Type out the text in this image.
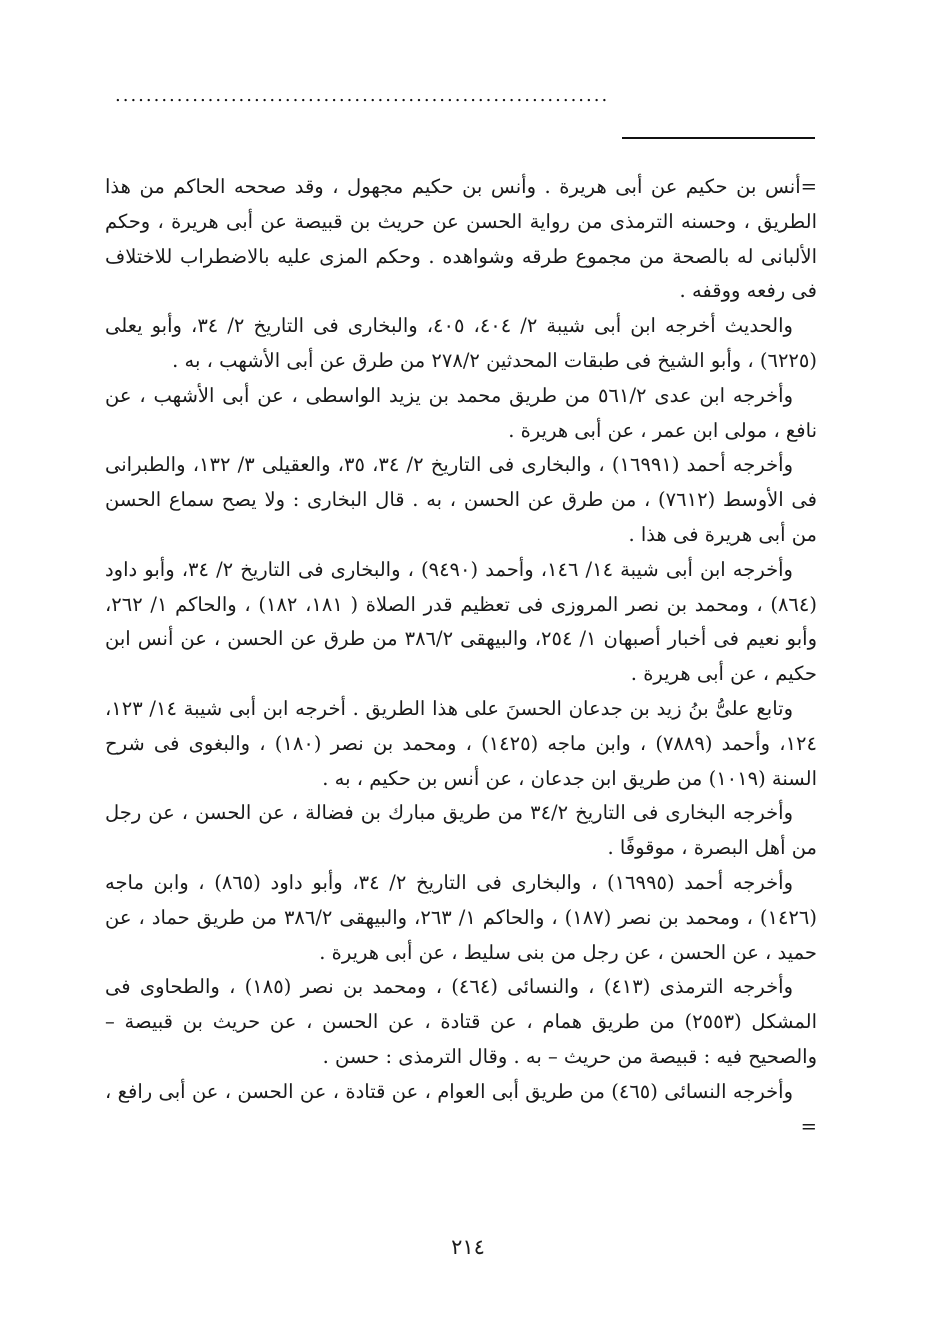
................................................................

=أنس بن حكيم عن أبى هريرة . وأنس بن حكيم مجهول ، وقد صححه الحاكم من هذا الطريق ، وحسنه الترمذى من رواية الحسن عن حريث بن قبيصة عن أبى هريرة ، وحكم الألبانى له بالصحة من مجموع طرقه وشواهده . وحكم المزى عليه بالاضطراب للاختلاف فى رفعه ووقفه .

والحديث أخرجه ابن أبى شيبة ٢/ ٤٠٤، ٤٠٥، والبخارى فى التاريخ ٢/ ٣٤، وأبو يعلى (٦٢٢٥) ، وأبو الشيخ فى طبقات المحدثين ٢٧٨/٢ من طرق عن أبى الأشهب ، به .

وأخرجه ابن عدى ٥٦١/٢ من طريق محمد بن يزيد الواسطى ، عن أبى الأشهب ، عن نافع ، مولى ابن عمر ، عن أبى هريرة .

وأخرجه أحمد (١٦٩٩١) ، والبخارى فى التاريخ ٢/ ٣٤، ٣٥، والعقيلى ٣/ ١٣٢، والطبرانى فى الأوسط (٧٦١٢) ، من طرق عن الحسن ، به . قال البخارى : ولا يصح سماع الحسن من أبى هريرة فى هذا .

وأخرجه ابن أبى شيبة ١٤/ ١٤٦، وأحمد (٩٤٩٠) ، والبخارى فى التاريخ ٢/ ٣٤، وأبو داود (٨٦٤) ، ومحمد بن نصر المروزى فى تعظيم قدر الصلاة ( ١٨١، ١٨٢) ، والحاكم ١/ ٢٦٢، وأبو نعيم فى أخبار أصبهان ١/ ٢٥٤، والبيهقى ٣٨٦/٢ من طرق عن الحسن ، عن أنس ابن حكيم ، عن أبى هريرة .

وتابع علىُّ بنُ زيد بن جدعان الحسنَ على هذا الطريق . أخرجه ابن أبى شيبة ١٤/ ١٢٣، ١٢٤، وأحمد (٧٨٨٩) ، وابن ماجه (١٤٢٥) ، ومحمد بن نصر (١٨٠) ، والبغوى فى شرح السنة (١٠١٩) من طريق ابن جدعان ، عن أنس بن حكيم ، به .

وأخرجه البخارى فى التاريخ ٣٤/٢ من طريق مبارك بن فضالة ، عن الحسن ، عن رجل من أهل البصرة ، موقوفًا .

وأخرجه أحمد (١٦٩٩٥) ، والبخارى فى التاريخ ٢/ ٣٤، وأبو داود (٨٦٥) ، وابن ماجه (١٤٢٦) ، ومحمد بن نصر (١٨٧) ، والحاكم ١/ ٢٦٣، والبيهقى ٣٨٦/٢ من طريق حماد ، عن حميد ، عن الحسن ، عن رجل من بنى سليط ، عن أبى هريرة .

وأخرجه الترمذى (٤١٣) ، والنسائى (٤٦٤) ، ومحمد بن نصر (١٨٥) ، والطحاوى فى المشكل (٢٥٥٣) من طريق همام ، عن قتادة ، عن الحسن ، عن حريث بن قبيصة – والصحيح فيه : قبيصة من حريث – به . وقال الترمذى : حسن .

وأخرجه النسائى (٤٦٥) من طريق أبى العوام ، عن قتادة ، عن الحسن ، عن أبى رافع ، =

٢١٤
